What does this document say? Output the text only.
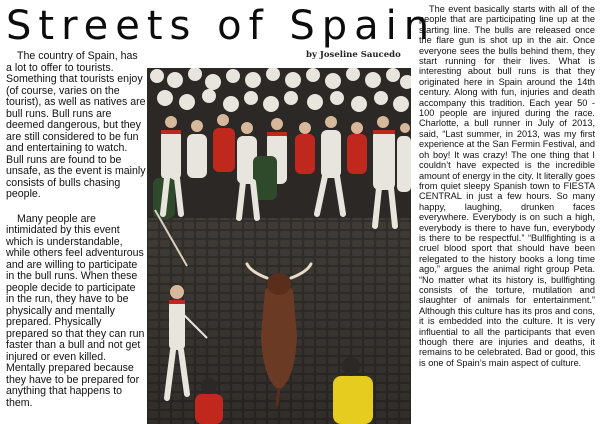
Streets of Spain
by Joseline Saucedo

The country of Spain, has a lot to offer to tourists. Something that tourists enjoy (of course, varies on the tourist), as well as natives are bull runs. Bull runs are deemed dangerous, but they are still considered to be fun and entertaining to watch. Bull runs are found to be unsafe, as the event is mainly consists of bulls chasing people.

Many people are intimidated by this event which is understandable, while others feel adventurous and are willing to participate in the bull runs. When these people decide to participate in the run, they have to be physically and mentally prepared. Physically prepared so that they can run faster than a bull and not get injured or even killed. Mentally prepared because they have to be prepared for anything that happens to them.

The event basically starts with all of the people that are participating line up at the starting line. The bulls are released once the flare gun is shot up in the air. Once everyone sees the bulls behind them, they start running for their lives. What is interesting about bull runs is that they originated here in Spain around the 14th century. Along with fun, injuries and death accompany this tradition. Each year 50 - 100 people are injured during the race. Charlotte, a bull runner in July of 2013, said, “Last summer, in 2013, was my first experience at the San Fermin Festival, and oh boy! It was crazy! The one thing that I couldn’t have expected is the incredible amount of energy in the city. It literally goes from quiet sleepy Spanish town to FIESTA CENTRAL in just a few hours. So many happy, laughing, drunken faces everywhere. Everybody is on such a high, everybody is there to have fun, everybody is there to be respectful.” “Bullfighting is a cruel blood sport that should have been relegated to the history books a long time ago,” argues the animal right group Peta. “No matter what its history is, bullfighting consists of the torture, mutilation and slaughter of animals for entertainment.” Although this culture has its pros and cons, it is embedded into the culture. It is very influential to all the participants that even though there are injuries and deaths, it remains to be celebrated. Bad or good, this is one of Spain’s main aspect of culture.
